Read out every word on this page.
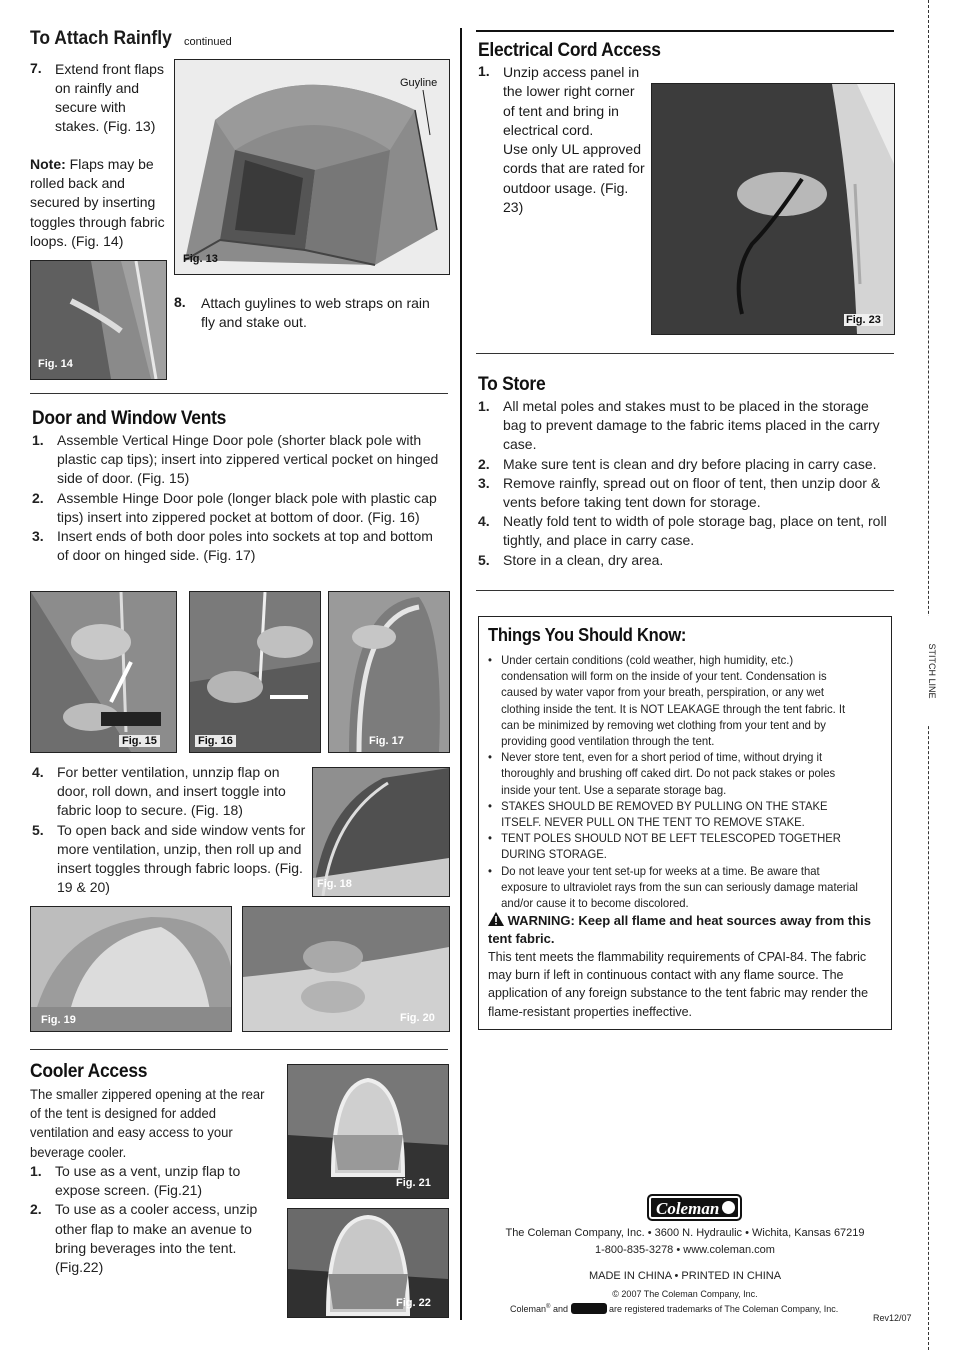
To Attach Rainfly continued
7. Extend front flaps on rainfly and secure with stakes. (Fig. 13)
Note: Flaps may be rolled back and secured by inserting toggles through fabric loops. (Fig. 14)
Guyline
Fig. 13
Fig. 14
8. Attach guylines to web straps on rain fly and stake out.
Door and Window Vents
1. Assemble Vertical Hinge Door pole (shorter black pole with plastic cap tips); insert into zippered vertical pocket on hinged side of door. (Fig. 15)
2. Assemble Hinge Door pole (longer black pole with plastic cap tips) insert into zippered pocket at bottom of door. (Fig. 16)
3. Insert ends of both door poles into sockets at top and bottom of door on hinged side. (Fig. 17)
Fig. 15	Fig. 16	Fig. 17
4. For better ventilation, unnzip flap on door, roll down, and insert toggle into fabric loop to secure. (Fig. 18)
5. To open back and side window vents for more ventilation, unzip, then roll up and insert toggles through fabric loops. (Fig. 19 & 20)	Fig. 18
Fig. 19	Fig. 20
Cooler Access
The smaller zippered opening at the rear of the tent is designed for added ventilation and easy access to your beverage cooler.
1. To use as a vent, unzip flap to expose screen. (Fig.21)
2. To use as a cooler access, unzip other flap to make an avenue to bring beverages into the tent. (Fig.22)
Fig. 21
Fig. 22
Electrical Cord Access
1. Unzip access panel in the lower right corner of tent and bring in electrical cord.
Use only UL approved cords that are rated for outdoor usage. (Fig. 23)
Fig. 23
To Store
1. All metal poles and stakes must to be placed in the storage bag to prevent damage to the fabric items placed in the carry case.
2. Make sure tent is clean and dry before placing in carry case.
3. Remove rainfly, spread out on floor of tent, then unzip door & vents before taking tent down for storage.
4. Neatly fold tent to width of pole storage bag, place on tent, roll tightly, and place in carry case.
5. Store in a clean, dry area.
Things You Should Know:
• Under certain conditions (cold weather, high humidity, etc.) condensation will form on the inside of your tent. Condensation is caused by water vapor from your breath, perspiration, or any wet clothing inside the tent. It is NOT LEAKAGE through the tent fabric. It can be minimized by removing wet clothing from your tent and by providing good ventilation through the tent.
• Never store tent, even for a short period of time, without drying it thoroughly and brushing off caked dirt. Do not pack stakes or poles inside your tent. Use a separate storage bag.
• STAKES SHOULD BE REMOVED BY PULLING ON THE STAKE ITSELF. NEVER PULL ON THE TENT TO REMOVE STAKE.
• TENT POLES SHOULD NOT BE LEFT TELESCOPED TOGETHER DURING STORAGE.
• Do not leave your tent set-up for weeks at a time. Be aware that exposure to ultraviolet rays from the sun can seriously damage material and/or cause it to become discolored.
WARNING: Keep all flame and heat sources away from this tent fabric.
This tent meets the flammability requirements of CPAI-84. The fabric may burn if left in continuous contact with any flame source. The application of any foreign substance to the tent fabric may render the flame-resistant properties ineffective.
Coleman
The Coleman Company, Inc. • 3600 N. Hydraulic • Wichita, Kansas 67219
1-800-835-3278 • www.coleman.com
MADE IN CHINA • PRINTED IN CHINA
© 2007 The Coleman Company, Inc.
Coleman® and	are registered trademarks of The Coleman Company, Inc.
Rev12/07
STITCH LINE
